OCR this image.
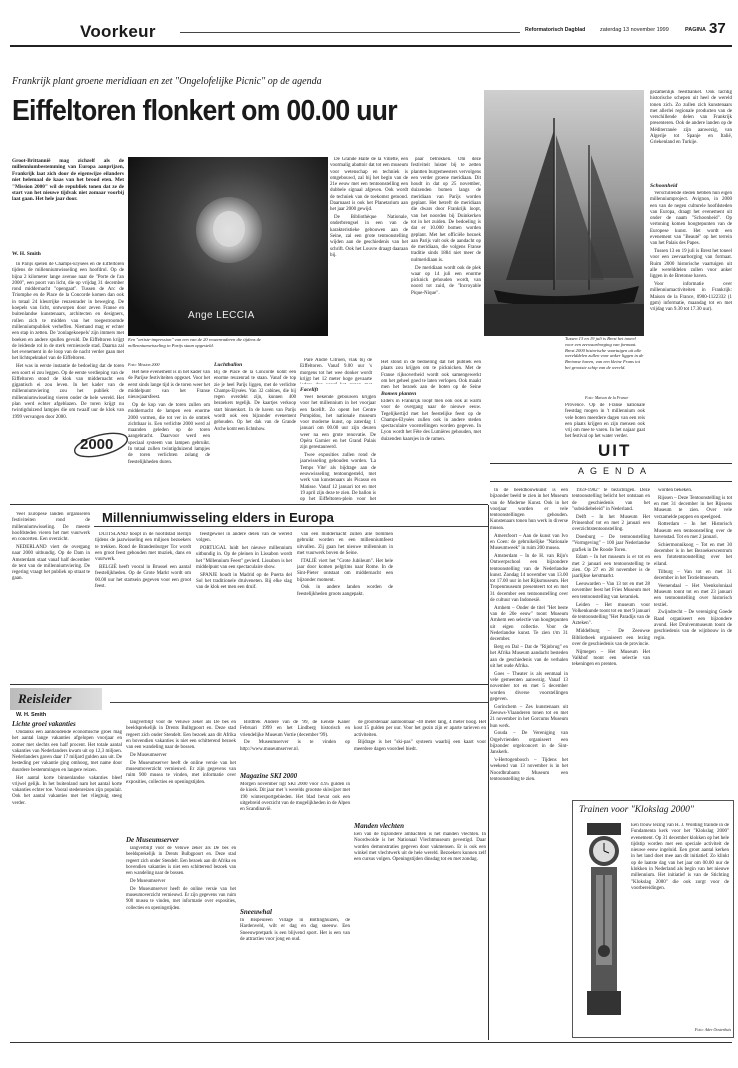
Voorkeur	Reformatorisch Dagblad	zaterdag 13 november 1999	PAGINA 37
Frankrijk plant groene meridiaan en zet "Ongelofelijke Picnic" op de agenda
Eiffeltoren flonkert om 00.00 uur
Groot-Brittannië mag zichzelf als de millenniumbestemming van Europa aanprijzen, Frankrijk laat zich door de eigenwijze eilanders niet helemaal de kaas van het brood eten. Met "Mission 2000" wil de republiek tonen dat ze de start van het nieuwe tijdvak niet zomaar voorbij laat gaan. Het hele jaar door.
W. H. Smith

In Parijs spelen de Champs-Elysées en de Eiffeltoren tijdens de millenniumwisseling een hoofdrol. Op de bijna 2 kilometer lange avenue naar de "Porte de l'an 2000", een poort van licht, die op vrijdag 31 december rond middernacht "opengaat". Tussen de Arc de Triomphe en de Place de la Concorde komen dan ook in totaal 24 kleurrijke reuzenrader in beweging. De koepels van licht, ontworpen door zeven Franse en buitenlandse kunstenaars, architecten en designers, rollen zich te midden van het toegestroomde millenniumpubliek verheffen. Niemand mag er echter een stap in zetten. De 'zonlagekoepels' zijn immers met boeken en andere spullen gevuld. De Eiffeltoren krijgt de leidende rol in de sterk vernieuwde stad. Daarna zal het evenement in de loop van de nacht verder gaan met het lichtspektakel van de Eiffeltoren.

Het was in eerste instantie de bedoeling dat de toren een soort ei zou leggen. Op de eerste verdieping van de Eiffeltoren stond de klok van middernacht een gigantisch ei zou leven. In het kader van de millenniumviering zou het publiek de millenniumwisseling vieren onder de hele wereld. Het plan werd echter afgeblazen. De toren krijgt nu twintigduizend lampjes die om twaalf uur de klok van 1999 vervangen door 2000.

2000
Ange LECCIA
Een "artiste-impression" van een van de 20 reuzenraderen die tijdens de millenniumwisseling in Parijs staan opgesteld.
Foto: Mission 2000

Het hele evenement is in het kader van de Parijse festiviteiten opgezet. Voor het eerst sinds lange tijd is de toren weer het middelpunt van het Franse nieuwjaarsfeest.

Op de kop van de toren zullen om middernacht de lampen een enorme 2000 vormen, die tot ver in de omtrek zichtbaar is. Een verlichte 2000 werd al maanden geleden op de toren aangebracht. Daarvoor werd een speciaal systeem van lampen gebruikt. In totaal zullen twintigduizend lampjes de toren verlichten zolang de feestelijkheden duren.

Bij de Place de la Concorde komt een enorme reuzenrad te staan. Vanaf de top zie je heel Parijs liggen, met de verlichte Champs-Elysées. Van 32 cabines, die bij regen overdekt zijn, kunnen 400 bezoekers tegelijk. De kaartjes verkoop start binnenkort. In de haven van Parijs wordt ook een bijzonder evenement gehouden. Op het dak van de Grande Arche komt een lichtshow.

De Grande Halle de la Villette, een voormalig abattoir dat tot een museum voor wetenschap en techniek is omgebouwd, zal bij het begin van de 21e eeuw met een tentoonstelling een dubbele signaal afgeven. Ook wordt de techniek van de toekomst getoond. Daarnaast is ook het Planetarium aan het jaar 2000 gewijd.

De Bibliothèque Nationale, onderbrengsel in een van de karakteristieke gebouwen aan de Seine, zal een grote tentoonstelling wijden aan de geschiedenis van het schrift. Ook het Louvre draagt daaraan bij.

paar betrokken. Om deze festiviteit luister bij te zetten plantten burgemeesters vervolgens een verder groene meridiaan. Dit houdt in dat op 25 november, duizenden bomen langs de meridiaan van Parijs worden geplant. Het betreft de meridiaan die dwars door Frankrijk loopt, van het noorden bij Duinkerken tot in het zuiden. De bedoeling is dat er 10.000 bomen worden geplant. Met het officiële bezoek aan Parijs valt ook de aandacht op de meridiaan, die volgens Franse traditie sinds 1884 niet meer de nulmeridiaan is.

De meridiaan wordt ook de plek waar op 14 juli een enorme picknick gehouden wordt, van noord tot zuid, de "Incroyable Pique-Nique".

Pare André Citroën, vlak bij de Eiffeltoren. Vanaf 9.00 uur 's morgens tot het wee donker wordt krijgt het 12 meter hoge gevaarte

Luchtballon
Facelift

Veel bekende gebouwen krijgen voor het millennium in het voorjaar een facelift. Zo opent het Centre Pompidou, het nationale museum voor moderne kunst, op zaterdag 1 januari om 00.00 uur zijn deuren weer na een grote renovatie. De Opéra Garnier en het Grand Palais zijn gerestaureerd.

Twee exposities zullen rond de jaarwisseling gehouden worden. 'La Temps Vite' als bijdrage aan de eeuwwisseling tentoongesteld, met werk van kunstenaars als Picasso en Matisse. Vanaf 12 januari tot en met 19 april zijn deze te zien. De ballon is op het Eiffeltoren-plein voor het

Het stond in de bedoeling dat het publiek een plaats zou krijgen om te picknicken. Met de Franse rijksoverheid wordt ook samengewerkt om het geheel goed te laten verlopen. Ook maakt men het bezoek aan de boten op de Seine
Bomen planten
Elders in Frankrijk loopt men ook ook al warm voor de overgang naar de nieuwe eeuw. Tegelijkertijd met het feestelijke feest op de Champs-Elysées zullen ook in andere steden spectaculaire voorstellingen worden gegeven. In Lyon wordt het Fête des Lumières gehouden, met duizenden kaarsjes in de ramen.
Tussen 13 en 19 juli is Brest het toneel voor een zeewaarborging van formaat. Brest 2000 historische vaartuigen uit alle werelddelen zullen voor anker liggen in de Bretonse haven, van een kleine Frans tot het grootste schip van de wereld.
Foto: Maison de la France
Provence. Op de Franse nationale feestdag mogen in 't millennium ook vele boten meerdere dagen van een reis een plaats krijgen en zijn mensen ook vrij om mee te varen. In het najaar gaat het festival op het water verder.
gezamenlijk feestbanket. Ook tachtig historische schepen uit heel de wereld tonen zich. Zo zullen zich kunstenaars met allerlei regionale producten van de verschillende delen van Frankrijk presenteren. Ook de andere landen op de Méditerranée zijn aanwezig, van Algerije tot Spanje en Italië, Griekenland en Turkije.
Schoonheid

Verschillende steden hebben hun eigen millenniumproject. Avignon, in 2000 een van de negen culturele hoofdsteden van Europa, draagt het evenement uit onder de naam "Schoonheid". Op vertoning komen hoogtepunten van de Europese kunst. Het wordt een evenement van "Beauté" op het terrein van het Palais des Papes.

Tussen 13 en 19 juli is Brest het toneel voor een zeevaarborging van formaat. Ruim 2000 historische vaartuigen uit alle werelddelen zullen voor anker liggen in de Bretonse haven.

Voor informatie over millenniumactiviteiten in Frankrijk: Maison de la France, 0900-1122332 (1 gpm) informatie, maandag tot en met vrijdag van 9.30 tot 17.30 uur).

Millenniumwisseling elders in Europa

Veel Europese landen organiseren festiviteiten rond de millenniumwisseling. De meeste hoofdsteden vieren het met vuurwerk en concerten. Een overzicht.

NEDERLAND viert de overgang naar 2000 uitbundig. Op de Dam in Amsterdam staat vanaf half december de tent van de millenniumviering. De regering vraagt het publiek op straat te gaan.

DUITSLAND hoopt in de hoofdstad Berlijn tijdens de jaarwisseling een miljoen bezoekers te trekken. Rond de Brandenburger Tor wordt een groot feest gehouden met muziek, dans en vuurwerk.

BELGIË heeft vooral in Brussel een aantal feestelijkheden. Op de Grote Markt wordt om 00.00 uur het startsein gegeven voor een groot feest.

feestgewoel in andere delen van de wereld volgen.

PORTUGAL luidt het nieuwe millennium uitbundig in. Op de pleinen in Lissabon wordt het "Millennium Feest" gevierd. Lissabon is het middelpunt van een spectaculaire show.

SPANJE houdt in Madrid op de Puerta del Sol het traditionele druiveneten. Bij elke slag van de klok eet men een druif.

van een middernacht zullen alle bommen gebruikt worden en een millenniumfeest uitvallen. Zij gaan het nieuwe millennium in met vuurwerk boven de Seine.

ITALIË viert het "Grote Jubileum". Het hele jaar door komen pelgrims naar Rome. In de Sint-Pieter ontstaat om middernacht een bijzonder moment.

Ook in andere landen worden de feestelijkheden groots aangepakt.

UIT
AGENDA

In de beeldhouwkunst is een bijzonder beeld te zien in het Museum van de Moderne Kunst. Ook in het voorjaar worden er vele tentoonstellingen gehouden. Kunstenaars tonen hun werk in diverse musea.

Amersfoort – Aan de kunst van Ivo en Coen: de gebruikelijke "Nationale Museumweek" in ruim 200 musea.

Amsterdam – In de H. van Rijn's Ontwerpschool een bijzondere tentoonstelling van de Nederlandse kunst. Zondag 14 november van 13.00 tot 17.00 uur in het Rijksmuseum. Het Tropenmuseum presenteert tot en met 31 december een tentoonstelling over de cultuur van Indonesië.

Arnhem – Onder de titel "Het beste van de 20e eeuw" toont Museum Arnhem een selectie van hoogtepunten uit eigen collectie. Voor de Nederlandse kunst. Te zien t/m 31 december.

Berg en Dal – Dat de "Rijnbrug" en het Afrika Museum aandacht besteden aan de geschiedenis van de verhalen uit het oude Afrika.

Goes – Theater is als eenmaal in vele gemeenten aanwezig. Vanaf 13 november tot en met 5 december worden diverse voorstellingen gegeven.

Gorinchem – Zes kunstenaars uit Zeeuws-Vlaanderen tonen tot en met 21 november in het Gorcums Museum hun werk.

Gouda – De Vereniging van Orgelvrienden organiseert een bijzonder orgelconcert in de Sint-Janskerk.

's-Hertogenbosch – Tijdens het weekend van 13 november is in het Noordbrabants Museum een tentoonstelling te zien.

1959-1982" te bezichtigen. Deze tentoonstelling belicht het ontstaan en de geschiedenis van het "subsidiebeleid" in Nederland.

Delft – In het Museum Het Prinsenhof tot en met 2 januari een overzichtstentoonstelling.

Doesburg – De tentoonstelling "Vormgeving" – 100 jaar Nederlandse grafiek in De Roode Toren.

Edam – In het museum is er tot en met 2 januari een tentoonstelling te zien. Op 27 en 28 november is de jaarlijkse kerstmarkt.

Leeuwarden – Van 13 tot en met 28 november feest het Fries Museum met een tentoonstelling van keramiek.

Leiden – Het museum voor Volkenkunde toont tot en met 9 januari de tentoonstelling "Het Paradijs van de Azteken".

Middelburg – De Zeeuwse Bibliotheek organiseert een lezing over de geschiedenis van de provincie.

Nijmegen – Het Museum Het Valkhof toont een selectie van tekeningen en prenten.

worden bekeken.

Rijssen – Deze Tentoonstelling is tot en met 31 december in het Rijssens Museum te zien. Over vele verzamelde poppen en speelgoed.

Rotterdam – In het Historisch Museum een tentoonstelling over de havenstad. Tot en met 2 januari.

Schiermonnikoog – Tot en met 30 december is in het Bezoekerscentrum een fototentoonstelling over het eiland.

Tilburg – Van tot en met 31 december in het Textielmuseum.

Veenendaal – Het Veenkoloniaal Museum toont tot en met 23 januari een tentoonstelling over historisch textiel.

Zwijndrecht – De vereniging Goede Raad organiseert een bijzondere avond. Het Druivenmuseum toont de geschiedenis van de wijnbouw in de regio.

Trainen voor "Klokslag 2000"
Een trouw lezing van H. J. Wolding trainde in de Fundamenta kerk voor het "Klokslag 2000" evenement. Op 31 december klokken op het hele tijdstip worden met een speciale activiteit de nieuwe eeuw ingeluid. Een groot aantal kerken in het land doet mee aan dit initiatief. Zo klinkt op de laatste dag van het jaar om 00.00 uur de klokken in Nederland als begin van het nieuwe millennium. Het initiatief is van de Stichting "Klokslag 2000" die ook zorgt voor de voorbereidingen.
Foto: Ader Oosterhuis
Reisleider
W. H. Smith
Lichte groei vakanties

Ondanks een aanhoudende economische groei mag het aantal lange vakanties afgelopen voorjaar en zomer met slechts een half procent. Het totale aantal vakanties van Nederlanders kwam uit op 12,3 miljoen. Nederlanders gaven daar 17 miljard gulden aan uit. De besteding per vakantie ging omhoog, met name door duurdere bestemmingen en langere reizen.

Het aantal korte binnenlandse vakanties bleef vrijwel gelijk. In het buitenland nam het aantal korte vakanties echter toe. Vooral stedenreizen zijn populair. Ook het aantal vakanties met het vliegtuig steeg verder.

langverblijf voor de Veluwe zeker als De bes en beeldsprekelijk in Drents Bulbgpoort en. Deze stad regeert zich onder Stendelt. Een bezoek aan dit Afrika en bovendien vakanties is niet een schitterend bezoek van een wandeling naar de bossen.

De Museumserver

De Museumserver heeft de online versie van het museumoverzicht vernieuwd. Er zijn gegevens van ruim 900 musea te vinden, met informatie over exposities, collecties en openingstijden.

De Museumserver

langverblijf voor de Veluwe zeker als De bes en beeldsprekelijk in Drents Bulbgpoort en. Deze stad regeert zich onder Stendelt. Een bezoek aan dit Afrika en bovendien vakanties is niet een schitterend bezoek van een wandeling naar de bossen.

De Museumserver

De Museumserver heeft de online versie van het museumoverzicht vernieuwd. Er zijn gegevens van ruim 900 musea te vinden, met informatie over exposities, collecties en openingstijden.

Birdtrek Andere van de '99, de Eenste Kaner Februari 1999 en het Lindberg historisch en vriendelijke Museum Vortie (december '99).

De Museumserver is te vinden op http://www.museumserver.nl.

Magazine SKI 2000
Morgen november ligt SKI 2000 voor 4.95 gulden in de kiosk. Dit jaar met 's werelds grootste skiwijzer met 190 wintersportgebieden. Het blad bevat ook een uitgebreid overzicht van de mogelijkheden in de Alpen en Scandinavië.
Sneeuwhal
In Bispeuleen Village in Bottinghuizen, de Hardenveld, wilt er dag en dag sneeuw. Een Sneeuwpretpark is een blijvend sport. Het is een van de attracties voor jong en oud.

de grootstenaar aantoonbaar -40 meter lang, 4 meter hoog. Het kost 15 gulden per uur. Voor het gezin zijn er aparte tarieven en activiteiten.

Bijdrage is het "ski-pas" systeem waarbij een kaart voor meerdere dagen voordeel biedt.

Manden vlechten
Een van de bijzondere ambachten is het manden vlechten. In Noordwolde is het Nationaal Vlechtmuseum gevestigd. Daar worden demonstraties gegeven door vakmensen. Er is ook een winkel met vlechtwerk uit de hele wereld. Bezoekers kunnen zelf een cursus volgen. Openingstijden dinsdag tot en met zondag.
